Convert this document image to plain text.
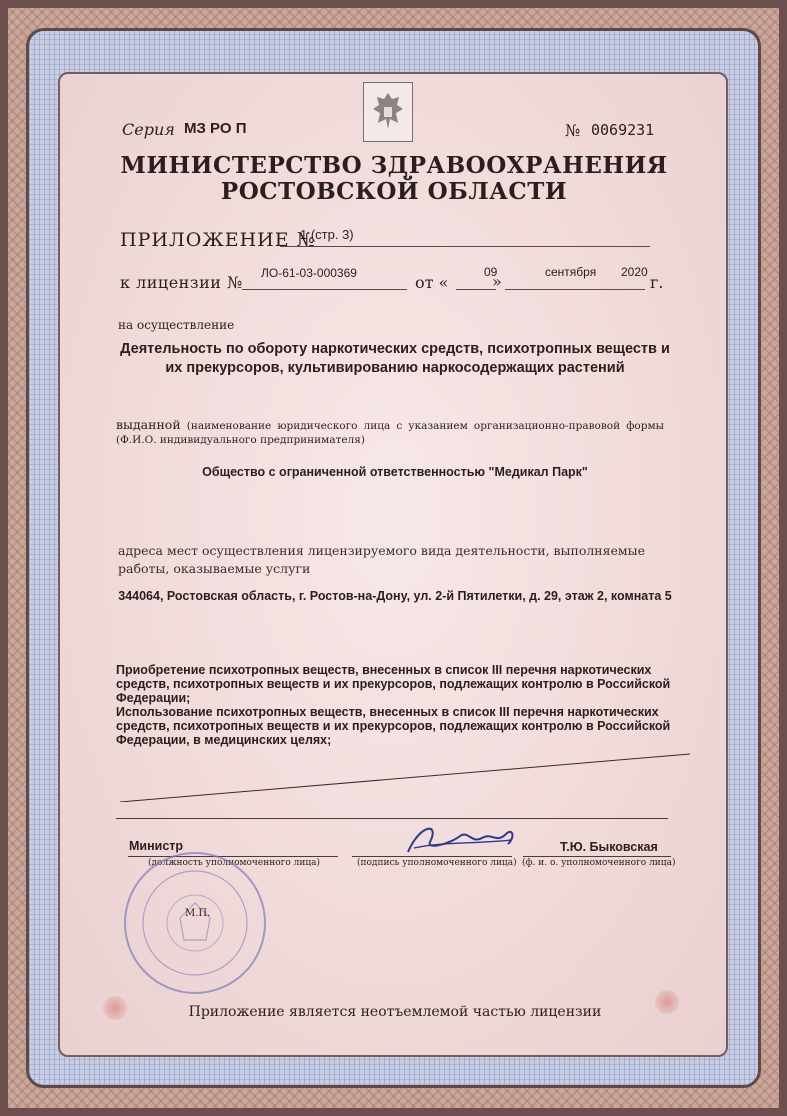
Серия МЗ РО П	№ 0069231
МИНИСТЕРСТВО ЗДРАВООХРАНЕНИЯ
РОСТОВСКОЙ ОБЛАСТИ
ПРИЛОЖЕНИЕ №
1 (стр. 3)
к лицензии № ЛО-61-03-000369	от «
09
»	сентября 2020
г.
на осуществление
Деятельность по обороту наркотических средств, психотропных веществ и их прекурсоров, культивированию наркосодержащих растений
выданной (наименование юридического лица с указанием организационно-правовой формы (Ф.И.О. индивидуального предпринимателя)
Общество с ограниченной ответственностью "Медикал Парк"
адреса мест осуществления лицензируемого вида деятельности, выполняемые работы, оказываемые услуги
344064, Ростовская область, г. Ростов-на-Дону, ул. 2-й Пятилетки, д. 29, этаж 2, комната 5
Приобретение психотропных веществ, внесенных в список III перечня наркотических средств, психотропных веществ и их прекурсоров, подлежащих контролю в Российской Федерации;
Использование психотропных веществ, внесенных в список III перечня наркотических средств, психотропных веществ и их прекурсоров, подлежащих контролю в Российской Федерации, в медицинских целях;
Министр
(должность уполномоченного лица)	(подпись уполномоченного лица)
Т.Ю. Быковская
(ф. и. о. уполномоченного лица)
М.П.
Приложение является неотъемлемой частью лицензии
